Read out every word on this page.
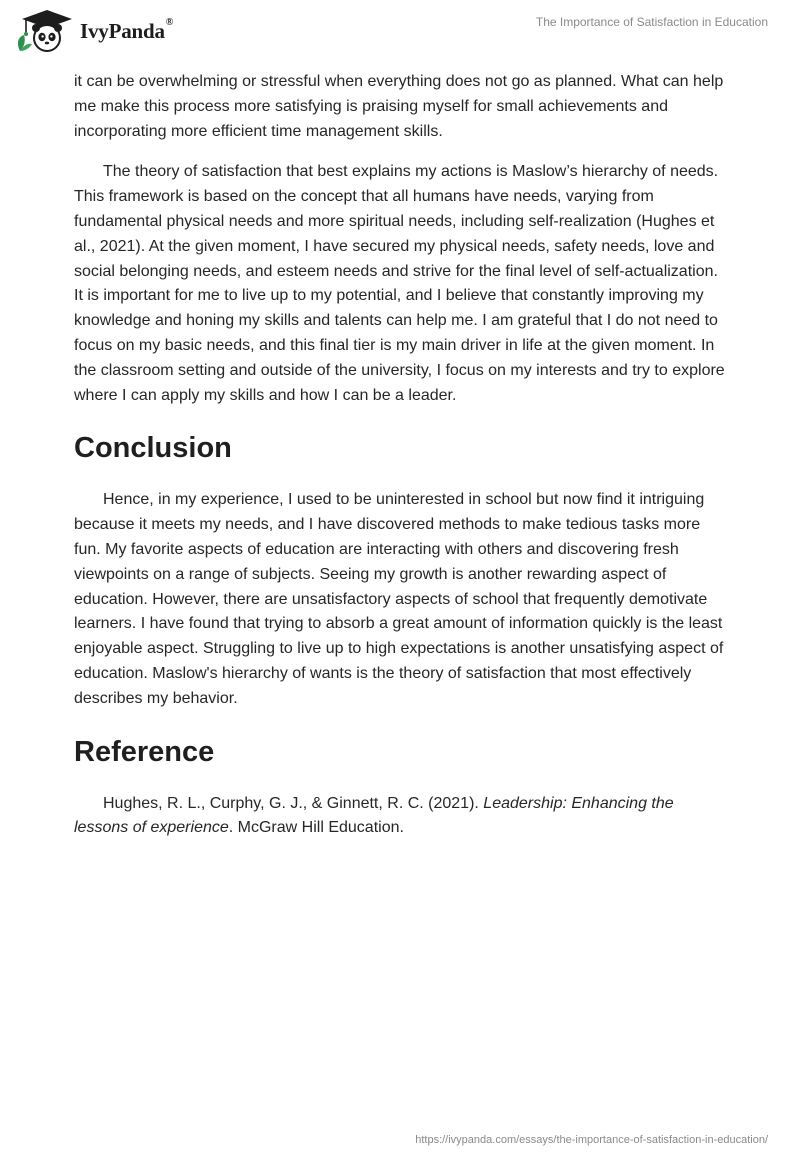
IvyPanda®	The Importance of Satisfaction in Education

it can be overwhelming or stressful when everything does not go as planned. What can help me make this process more satisfying is praising myself for small achievements and incorporating more efficient time management skills.

The theory of satisfaction that best explains my actions is Maslow’s hierarchy of needs. This framework is based on the concept that all humans have needs, varying from fundamental physical needs and more spiritual needs, including self-realization (Hughes et al., 2021). At the given moment, I have secured my physical needs, safety needs, love and social belonging needs, and esteem needs and strive for the final level of self-actualization. It is important for me to live up to my potential, and I believe that constantly improving my knowledge and honing my skills and talents can help me. I am grateful that I do not need to focus on my basic needs, and this final tier is my main driver in life at the given moment. In the classroom setting and outside of the university, I focus on my interests and try to explore where I can apply my skills and how I can be a leader.

Conclusion

Hence, in my experience, I used to be uninterested in school but now find it intriguing because it meets my needs, and I have discovered methods to make tedious tasks more fun. My favorite aspects of education are interacting with others and discovering fresh viewpoints on a range of subjects. Seeing my growth is another rewarding aspect of education. However, there are unsatisfactory aspects of school that frequently demotivate learners. I have found that trying to absorb a great amount of information quickly is the least enjoyable aspect. Struggling to live up to high expectations is another unsatisfying aspect of education. Maslow's hierarchy of wants is the theory of satisfaction that most effectively describes my behavior.

Reference

Hughes, R. L., Curphy, G. J., & Ginnett, R. C. (2021). Leadership: Enhancing the lessons of experience. McGraw Hill Education.

https://ivypanda.com/essays/the-importance-of-satisfaction-in-education/
